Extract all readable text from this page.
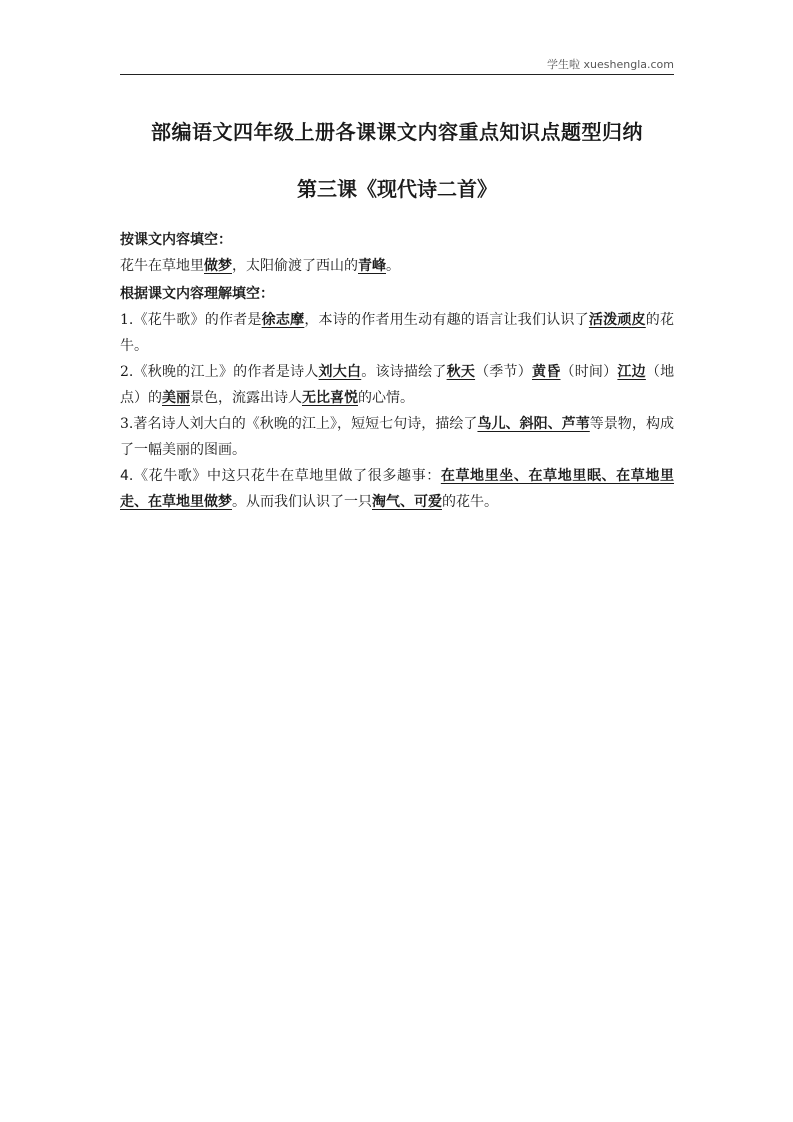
学生啦 xueshengla.com
部编语文四年级上册各课课文内容重点知识点题型归纳
第三课《现代诗二首》
按课文内容填空：

花牛在草地里做梦，太阳偷渡了西山的青峰。

根据课文内容理解填空：

1.《花牛歌》的作者是徐志摩，本诗的作者用生动有趣的语言让我们认识了活泼顽皮的花牛。

2.《秋晚的江上》的作者是诗人刘大白。该诗描绘了秋天（季节）黄昏（时间）江边（地点）的美丽景色，流露出诗人无比喜悦的心情。

3.著名诗人刘大白的《秋晚的江上》，短短七句诗，描绘了鸟儿、斜阳、芦苇等景物，构成了一幅美丽的图画。

4.《花牛歌》中这只花牛在草地里做了很多趣事：在草地里坐、在草地里眠、在草地里走、在草地里做梦。从而我们认识了一只淘气、可爱的花牛。
